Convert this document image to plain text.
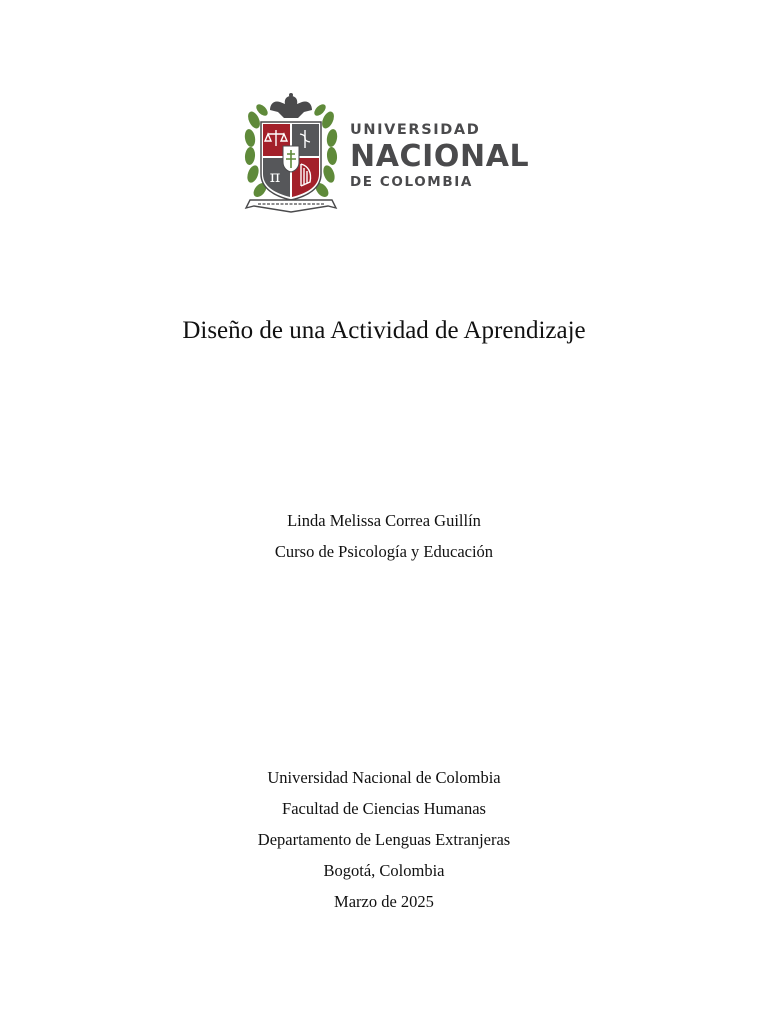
π
UNIVERSIDAD
NACIONAL
DE COLOMBIA
Diseño de una Actividad de Aprendizaje
Linda Melissa Correa Guillín
Curso de Psicología y Educación
Universidad Nacional de Colombia
Facultad de Ciencias Humanas
Departamento de Lenguas Extranjeras
Bogotá, Colombia
Marzo de 2025
